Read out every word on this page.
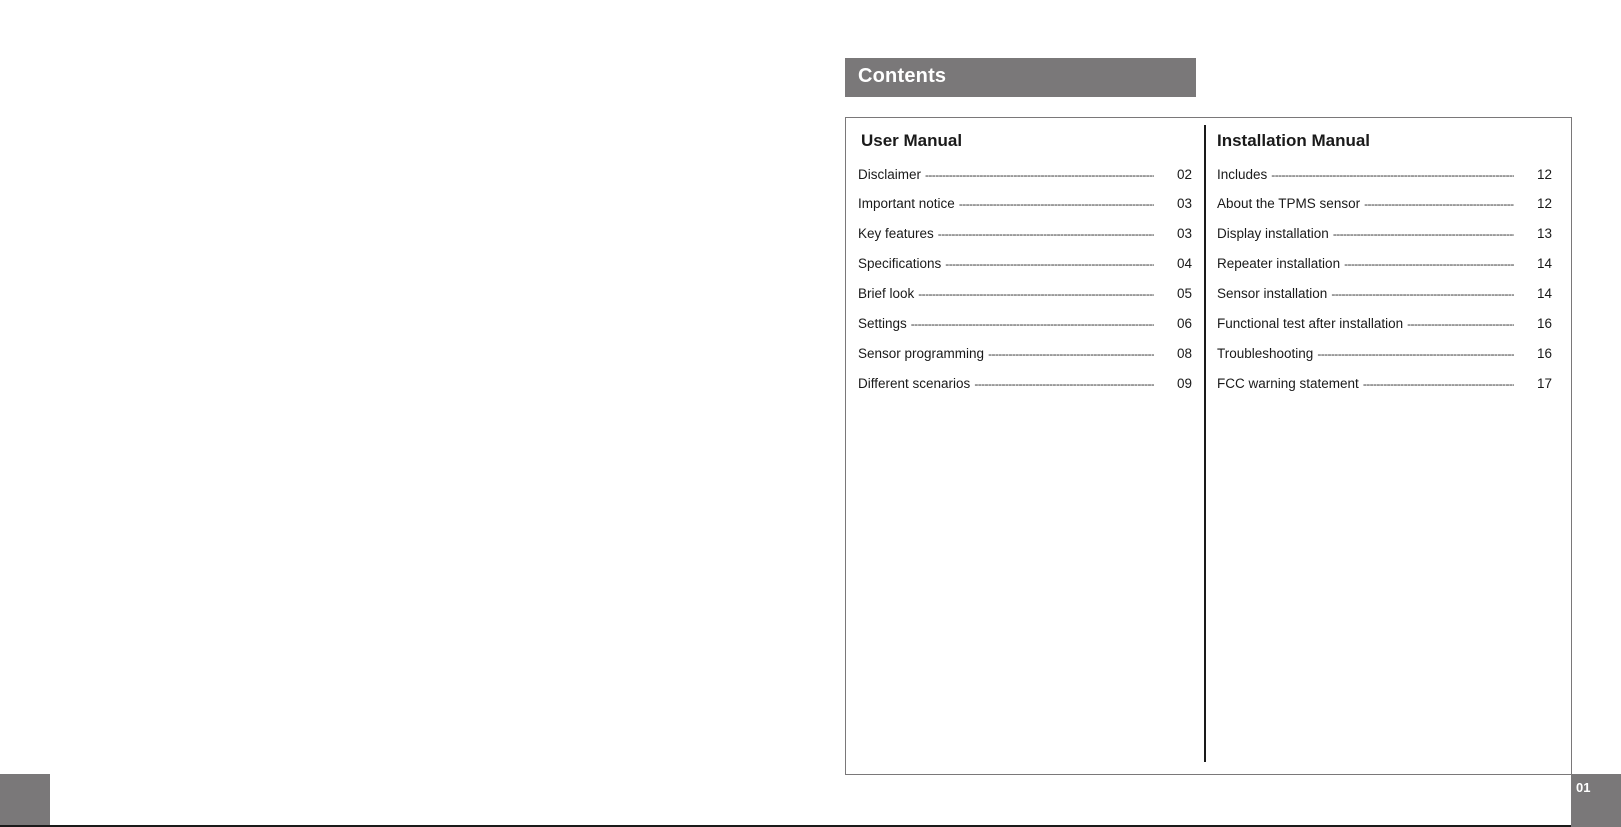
Contents
User Manual
Disclaimer -----	02
Important notice -----	03
Key features -----	03
Specifications -----	04
Brief look -----	05
Settings -----	06
Sensor programming -----	08
Different scenarios -----	09
Installation Manual
Includes -----	12
About the TPMS sensor -----	12
Display installation -----	13
Repeater installation -----	14
Sensor installation -----	14
Functional test after installation -----	16
Troubleshooting -----	16
FCC warning statement -----	17
01
